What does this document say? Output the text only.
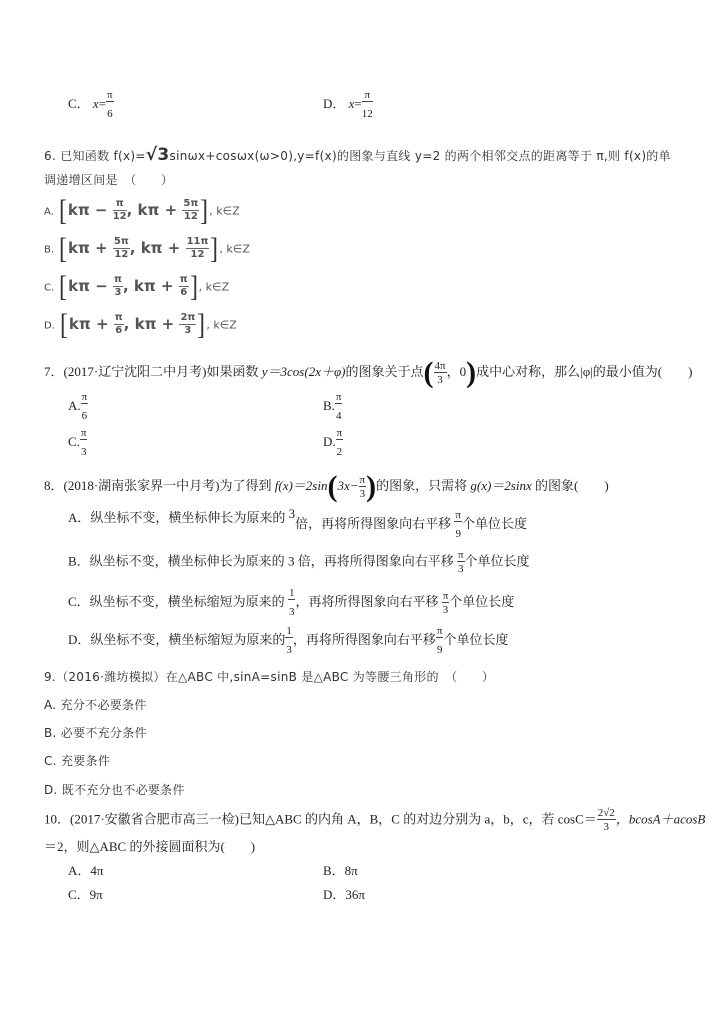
C． $x= \frac{\pi}{6}$	D． $x= \frac{\pi}{12}$
6. 已知函数 f(x)=√3sinωx+cosωx(ω>0),y=f(x)的图象与直线 y=2 的两个相邻交点的距离等于 π,则 f(x)的单
调递增区间是　（　　）
A. [$k\pi - \frac{\pi}{12}$ , $k\pi + \frac{5\pi}{12}$ ], k∈Z
B. [$k\pi + \frac{5\pi}{12}$ , $k\pi + \frac{11\pi}{12}$ ], k∈Z
C. [$k\pi - \frac{\pi}{3}$ , $k\pi + \frac{\pi}{6}$ ], k∈Z
D. [$k\pi + \frac{\pi}{6}$ , $k\pi + \frac{2\pi}{3}$ ], k∈Z
7．(2017·辽宁沈阳二中月考)如果函数 y＝3cos(2x＋φ)的图象关于点( $\frac{4\pi}{3}$ ，0)成中心对称，那么|φ|的最小值为(　　)
A. $\frac{\pi}{6}$	B. $\frac{\pi}{4}$
C. $\frac{\pi}{3}$	D. $\frac{\pi}{2}$
8．(2018·湖南张家界一中月考)为了得到 $f(x)=2\sin(3x- \frac{\pi}{3}$ )的图象，只需将 g(x)＝2sinx 的图象(　　)
A．纵坐标不变，横坐标伸长为原来的 3倍，再将所得图象向右平移 $\frac{\pi}{9}$ 个单位长度
B．纵坐标不变，横坐标伸长为原来的 3 倍，再将所得图象向右平移 $\frac{\pi}{3}$ 个单位长度
C．纵坐标不变，横坐标缩短为原来的 $\frac{1}{3}$ ，再将所得图象向右平移 $\frac{\pi}{3}$ 个单位长度
D．纵坐标不变，横坐标缩短为原来的 $\frac{1}{3}$ ，再将所得图象向右平移 $\frac{\pi}{9}$ 个单位长度
9.（2016·潍坊模拟）在△ABC 中,sinA=sinB 是△ABC 为等腰三角形的　（　　）
A. 充分不必要条件
B. 必要不充分条件
C. 充要条件
D. 既不充分也不必要条件
10．(2017·安徽省合肥市高三一检)已知△ABC 的内角 A，B，C 的对边分别为 a，b，c，若 $\cos C= \frac{2√2}{3}$ ，bcosA＋acosB
＝2，则△ABC 的外接圆面积为(　　)
A．4π	B．8π
C．9π	D．36π
